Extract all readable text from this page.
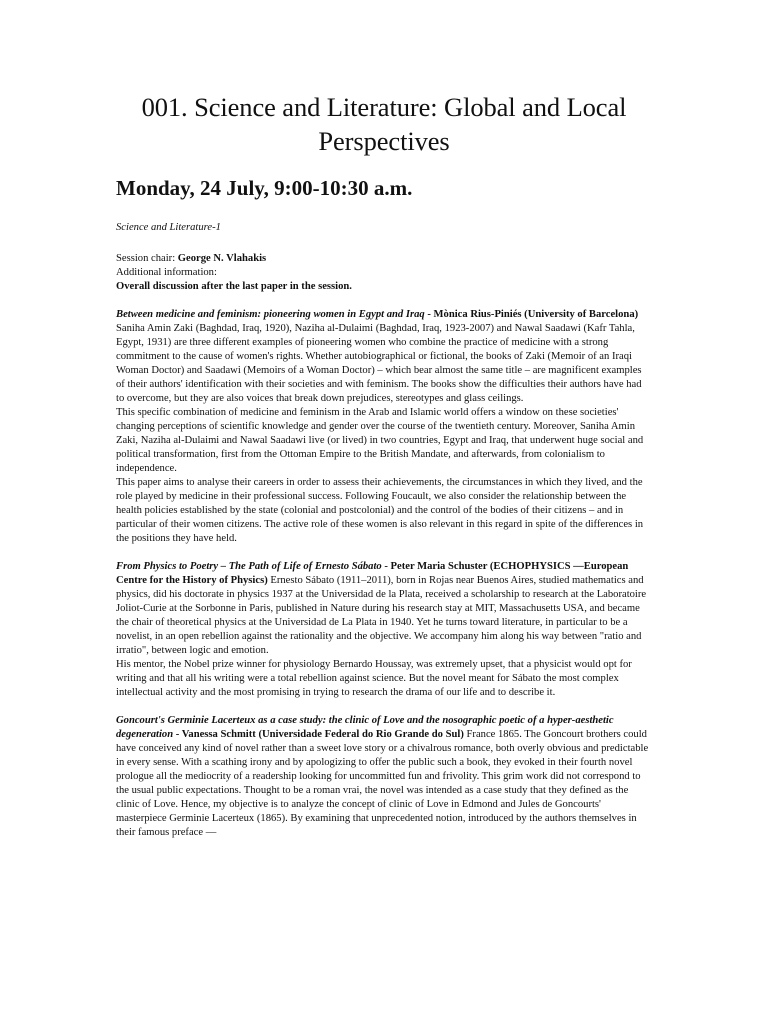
001. Science and Literature: Global and Local Perspectives
Monday, 24 July, 9:00-10:30 a.m.
Science and Literature-1

Session chair: George N. Vlahakis

Additional information:

Overall discussion after the last paper in the session.

Between medicine and feminism: pioneering women in Egypt and Iraq - Mònica Rius-Piniés (University of Barcelona) Saniha Amin Zaki (Baghdad, Iraq, 1920), Naziha al-Dulaimi (Baghdad, Iraq, 1923-2007) and Nawal Saadawi (Kafr Tahla, Egypt, 1931) are three different examples of pioneering women who combine the practice of medicine with a strong commitment to the cause of women's rights. Whether autobiographical or fictional, the books of Zaki (Memoir of an Iraqi Woman Doctor) and Saadawi (Memoirs of a Woman Doctor) – which bear almost the same title – are magnificent examples of their authors' identification with their societies and with feminism. The books show the difficulties their authors have had to overcome, but they are also voices that break down prejudices, stereotypes and glass ceilings.

This specific combination of medicine and feminism in the Arab and Islamic world offers a window on these societies' changing perceptions of scientific knowledge and gender over the course of the twentieth century. Moreover, Saniha Amin Zaki, Naziha al-Dulaimi and Nawal Saadawi live (or lived) in two countries, Egypt and Iraq, that underwent huge social and political transformation, first from the Ottoman Empire to the British Mandate, and afterwards, from colonialism to independence.

This paper aims to analyse their careers in order to assess their achievements, the circumstances in which they lived, and the role played by medicine in their professional success. Following Foucault, we also consider the relationship between the health policies established by the state (colonial and postcolonial) and the control of the bodies of their citizens – and in particular of their women citizens. The active role of these women is also relevant in this regard in spite of the differences in the positions they have held.

From Physics to Poetry – The Path of Life of Ernesto Sábato - Peter Maria Schuster (ECHOPHYSICS —European Centre for the History of Physics) Ernesto Sábato (1911–2011), born in Rojas near Buenos Aires, studied mathematics and physics, did his doctorate in physics 1937 at the Universidad de la Plata, received a scholarship to research at the Laboratoire Joliot-Curie at the Sorbonne in Paris, published in Nature during his research stay at MIT, Massachusetts USA, and became the chair of theoretical physics at the Universidad de La Plata in 1940. Yet he turns toward literature, in particular to be a novelist, in an open rebellion against the rationality and the objective. We accompany him along his way between "ratio and irratio", between logic and emotion.

His mentor, the Nobel prize winner for physiology Bernardo Houssay, was extremely upset, that a physicist would opt for writing and that all his writing were a total rebellion against science. But the novel meant for Sábato the most complex intellectual activity and the most promising in trying to research the drama of our life and to describe it.

Goncourt's Germinie Lacerteux as a case study: the clinic of Love and the nosographic poetic of a hyper-aesthetic degeneration - Vanessa Schmitt (Universidade Federal do Rio Grande do Sul) France 1865. The Goncourt brothers could have conceived any kind of novel rather than a sweet love story or a chivalrous romance, both overly obvious and predictable in every sense. With a scathing irony and by apologizing to offer the public such a book, they evoked in their fourth novel prologue all the mediocrity of a readership looking for uncommitted fun and frivolity. This grim work did not correspond to the usual public expectations. Thought to be a roman vrai, the novel was intended as a case study that they defined as the clinic of Love. Hence, my objective is to analyze the concept of clinic of Love in Edmond and Jules de Goncourts' masterpiece Germinie Lacerteux (1865). By examining that unprecedented notion, introduced by the authors themselves in their famous preface —
